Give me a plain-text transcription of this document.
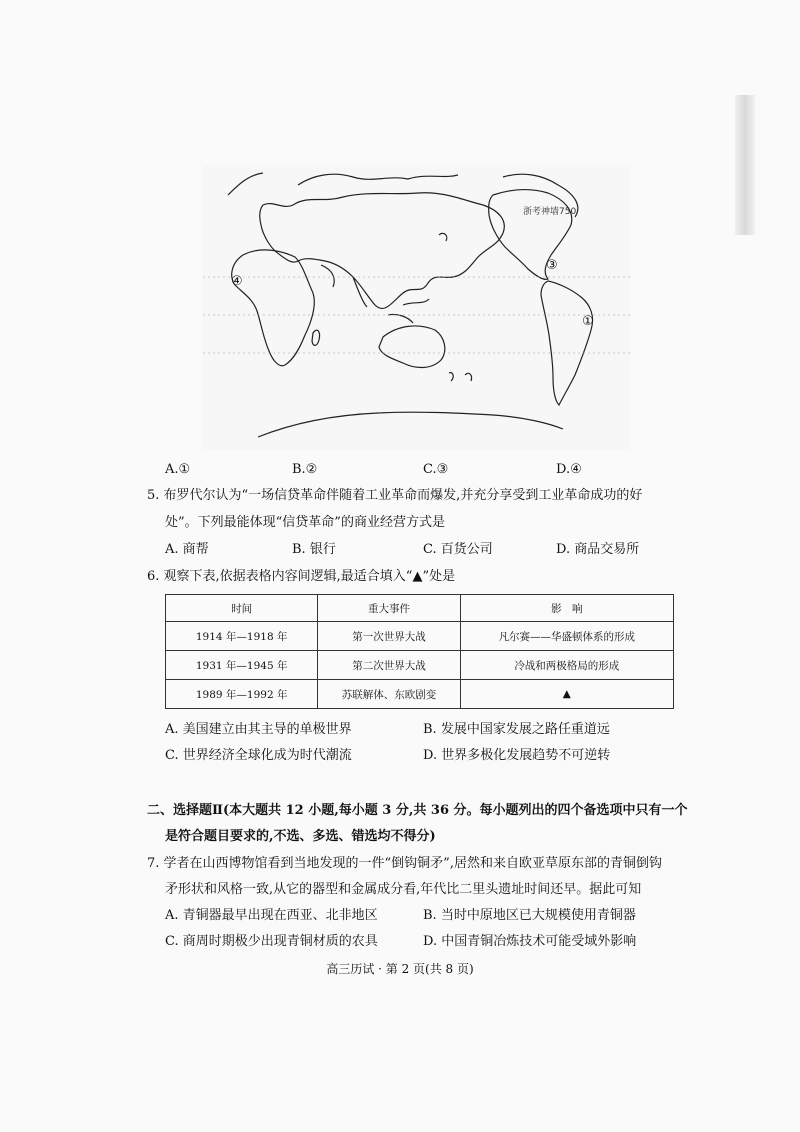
浙考神墙750
④
③
①
A.①	B.②	C.③	D.④
5. 布罗代尔认为“一场信贷革命伴随着工业革命而爆发,并充分享受到工业革命成功的好
处”。下列最能体现“信贷革命”的商业经营方式是
A. 商帮	B. 银行	C. 百货公司	D. 商品交易所
6. 观察下表,依据表格内容间逻辑,最适合填入“▲”处是
时间	重大事件	影　响
1914 年—1918 年	第一次世界大战	凡尔赛——华盛顿体系的形成
1931 年—1945 年	第二次世界大战	冷战和两极格局的形成
1989 年—1992 年	苏联解体、东欧剧变	▲
A. 美国建立由其主导的单极世界	B. 发展中国家发展之路任重道远
C. 世界经济全球化成为时代潮流	D. 世界多极化发展趋势不可逆转
二、选择题Ⅱ(本大题共 12 小题,每小题 3 分,共 36 分。每小题列出的四个备选项中只有一个
是符合题目要求的,不选、多选、错选均不得分)
7. 学者在山西博物馆看到当地发现的一件“倒钩铜矛”,居然和来自欧亚草原东部的青铜倒钩
矛形状和风格一致,从它的器型和金属成分看,年代比二里头遗址时间还早。据此可知
A. 青铜器最早出现在西亚、北非地区	B. 当时中原地区已大规模使用青铜器
C. 商周时期极少出现青铜材质的农具	D. 中国青铜冶炼技术可能受域外影响
高三历试 · 第 2 页(共 8 页)
